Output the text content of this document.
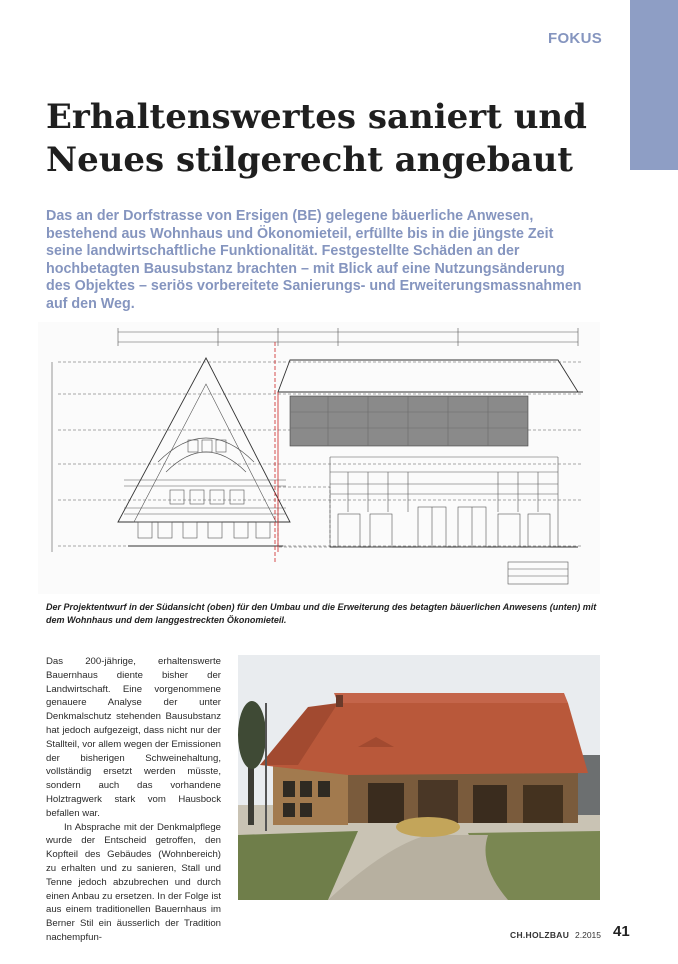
FOKUS
Erhaltenswertes saniert und
Neues stilgerecht angebaut

Das an der Dorfstrasse von Ersigen (BE) gelegene bäuerliche Anwesen, bestehend aus Wohnhaus und Ökonomieteil, erfüllte bis in die jüngste Zeit seine landwirtschaftliche Funktionalität. Festgestellte Schäden an der hochbetagten Bausubstanz brachten – mit Blick auf eine Nutzungsänderung des Objektes – seriös vorbereitete Sanierungs- und Erweiterungsmassnahmen auf den Weg.

Der Projektentwurf in der Südansicht (oben) für den Umbau und die Erweiterung des betagten bäuerlichen Anwesens (unten) mit dem Wohnhaus und dem langgestreckten Ökonomieteil.

Das 200-jährige, erhaltenswerte Bauernhaus diente bisher der Landwirtschaft. Eine vorgenommene genauere Analyse der unter Denkmalschutz stehenden Bausubstanz hat jedoch aufgezeigt, dass nicht nur der Stallteil, vor allem wegen der Emissionen der bisherigen Schweinehaltung, vollständig ersetzt werden müsste, sondern auch das vorhandene Holztragwerk stark vom Hausbock befallen war.

In Absprache mit der Denkmalpflege wurde der Entscheid getroffen, den Kopfteil des Gebäudes (Wohnbereich) zu erhalten und zu sanieren, Stall und Tenne jedoch abzubrechen und durch einen Anbau zu ersetzen. In der Folge ist aus einem traditionellen Bauernhaus im Berner Stil ein äusserlich der Tradition nachempfun-	CH.HOLZBAU 2.2015 41
